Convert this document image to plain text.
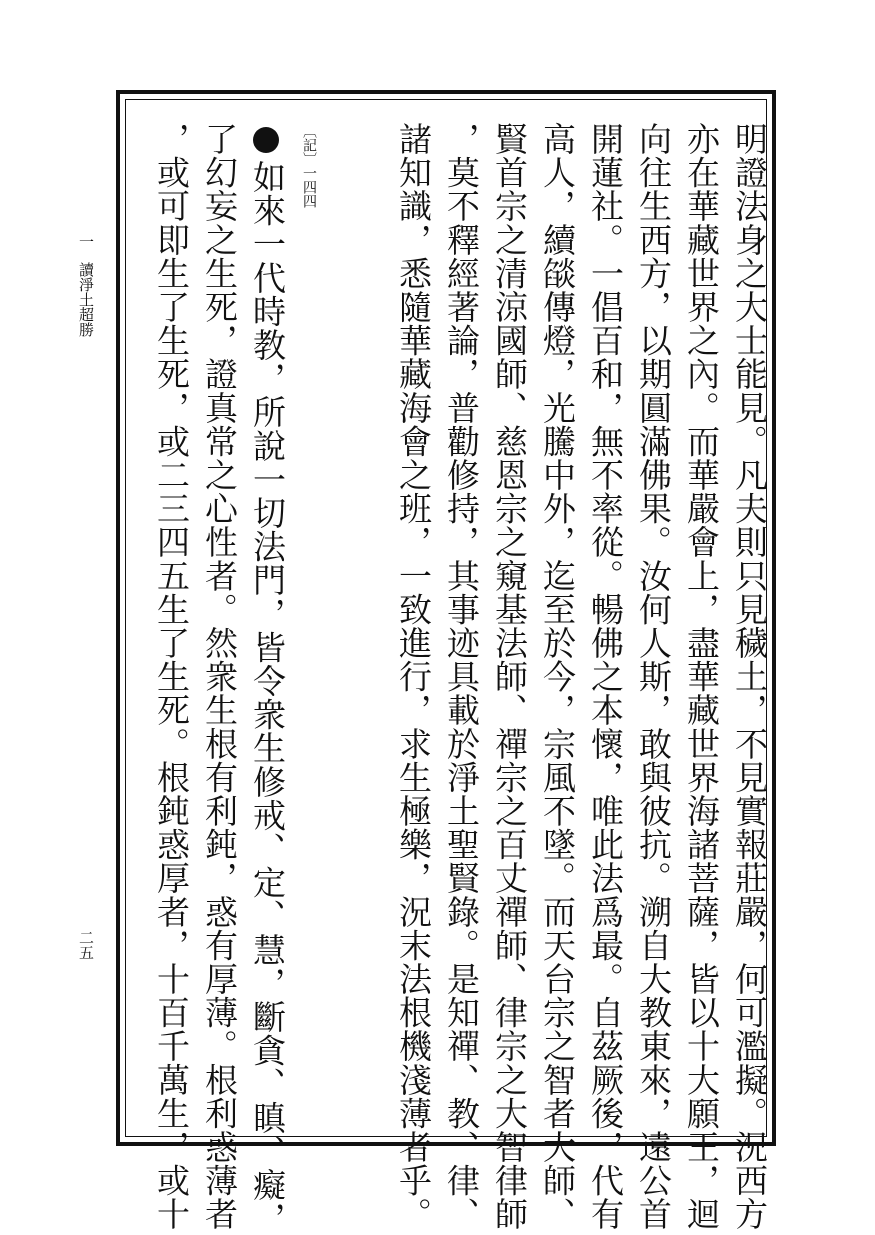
一
讀淨土超勝
二五	明證法身之大士能見。凡夫則只見穢土，不見實報莊嚴，何可濫擬。況西方
亦在華藏世界之內。而華嚴會上，盡華藏世界海諸菩薩，皆以十大願王，迴
向往生西方，以期圓滿佛果。汝何人斯，敢與彼抗。溯自大教東來，遠公首
開蓮社。一倡百和，無不率從。暢佛之本懷，唯此法爲最。自茲厥後，代有
高人，續燄傳燈，光騰中外，迄至於今，宗風不墜。而天台宗之智者大師、
賢首宗之清涼國師、慈恩宗之窺基法師、禪宗之百丈禪師、律宗之大智律師
，莫不釋經著論，普勸修持，其事迹具載於淨土聖賢錄。是知禪、教、律、
諸知識，悉隨華藏海會之班，一致進行，求生極樂，況末法根機淺薄者乎。
〔記〕一四四
如來一代時教，所說一切法門，皆令衆生修戒、定、慧，斷貪、瞋、癡，
了幻妄之生死，證真常之心性者。然衆生根有利鈍，惑有厚薄。根利惑薄者
，或可即生了生死，或二三四五生了生死。根鈍惑厚者，十百千萬生，或十
